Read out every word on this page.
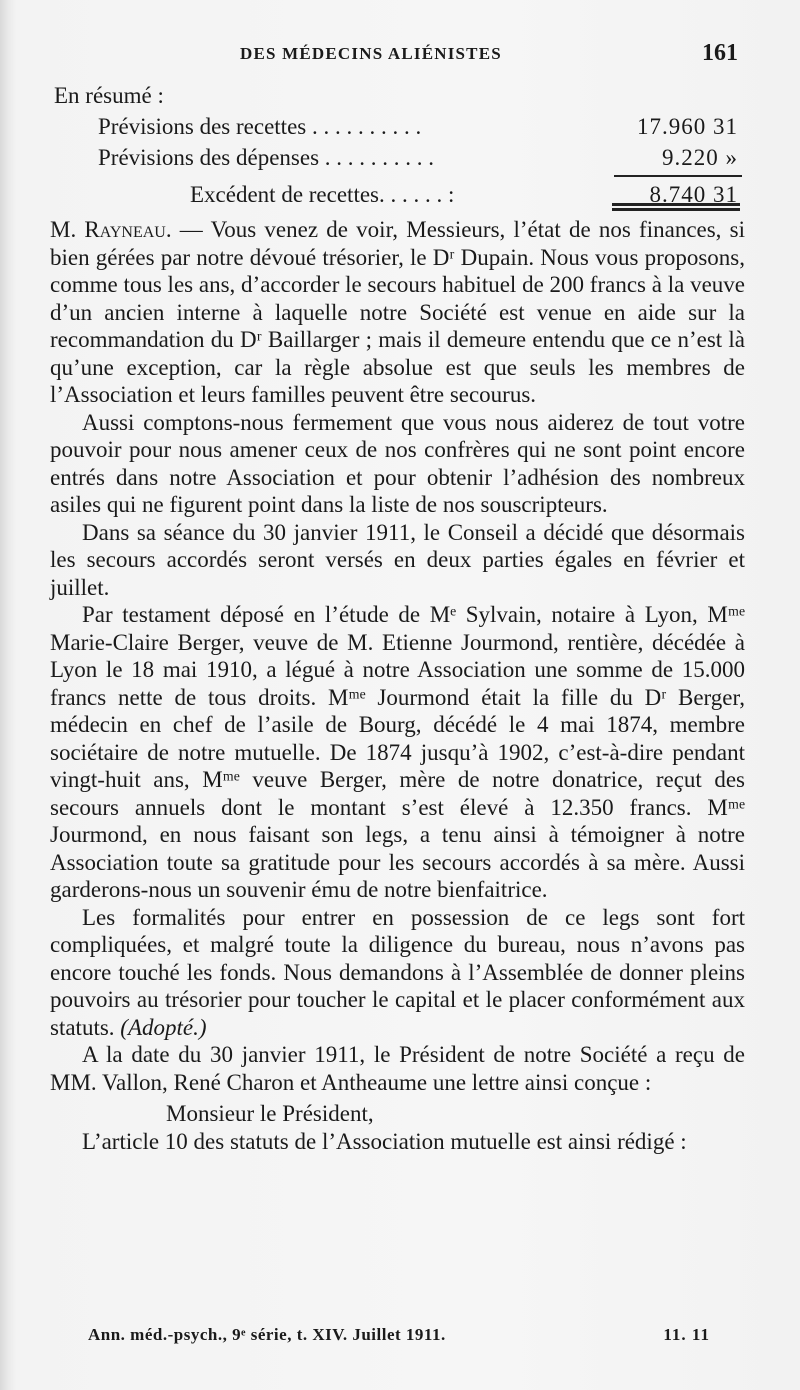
DES MÉDECINS ALIÉNISTES	161
En résumé :
Prévisions des recettes . . . . . . . . . .	17.960 31
Prévisions des dépenses . . . . . . . . . .	9.220 »
Excédent de recettes. . . . . . :	8.740 31

M. Rayneau. — Vous venez de voir, Messieurs, l’état de nos finances, si bien gérées par notre dévoué trésorier, le Dʳ Dupain. Nous vous proposons, comme tous les ans, d’accorder le secours habituel de 200 francs à la veuve d’un ancien interne à laquelle notre Société est venue en aide sur la recommandation du Dʳ Baillarger ; mais il demeure entendu que ce n’est là qu’une exception, car la règle absolue est que seuls les membres de l’Association et leurs familles peuvent être secourus.

Aussi comptons-nous fermement que vous nous aiderez de tout votre pouvoir pour nous amener ceux de nos confrères qui ne sont point encore entrés dans notre Association et pour obtenir l’adhésion des nombreux asiles qui ne figurent point dans la liste de nos souscripteurs.

Dans sa séance du 30 janvier 1911, le Conseil a décidé que désormais les secours accordés seront versés en deux parties égales en février et juillet.

Par testament déposé en l’étude de Mᵉ Sylvain, notaire à Lyon, Mᵐᵉ Marie-Claire Berger, veuve de M. Etienne Jourmond, rentière, décédée à Lyon le 18 mai 1910, a légué à notre Association une somme de 15.000 francs nette de tous droits. Mᵐᵉ Jourmond était la fille du Dʳ Berger, médecin en chef de l’asile de Bourg, décédé le 4 mai 1874, membre sociétaire de notre mutuelle. De 1874 jusqu’à 1902, c’est-à-dire pendant vingt-huit ans, Mᵐᵉ veuve Berger, mère de notre donatrice, reçut des secours annuels dont le montant s’est élevé à 12.350 francs. Mᵐᵉ Jourmond, en nous faisant son legs, a tenu ainsi à témoigner à notre Association toute sa gratitude pour les secours accordés à sa mère. Aussi garderons-nous un souvenir ému de notre bienfaitrice.

Les formalités pour entrer en possession de ce legs sont fort compliquées, et malgré toute la diligence du bureau, nous n’avons pas encore touché les fonds. Nous demandons à l’Assemblée de donner pleins pouvoirs au trésorier pour toucher le capital et le placer conformément aux statuts. (Adopté.)

A la date du 30 janvier 1911, le Président de notre Société a reçu de MM. Vallon, René Charon et Antheaume une lettre ainsi conçue :

Monsieur le Président,

L’article 10 des statuts de l’Association mutuelle est ainsi rédigé :

Ann. méd.-psych., 9ᵉ série, t. XIV. Juillet 1911.	11. 11
